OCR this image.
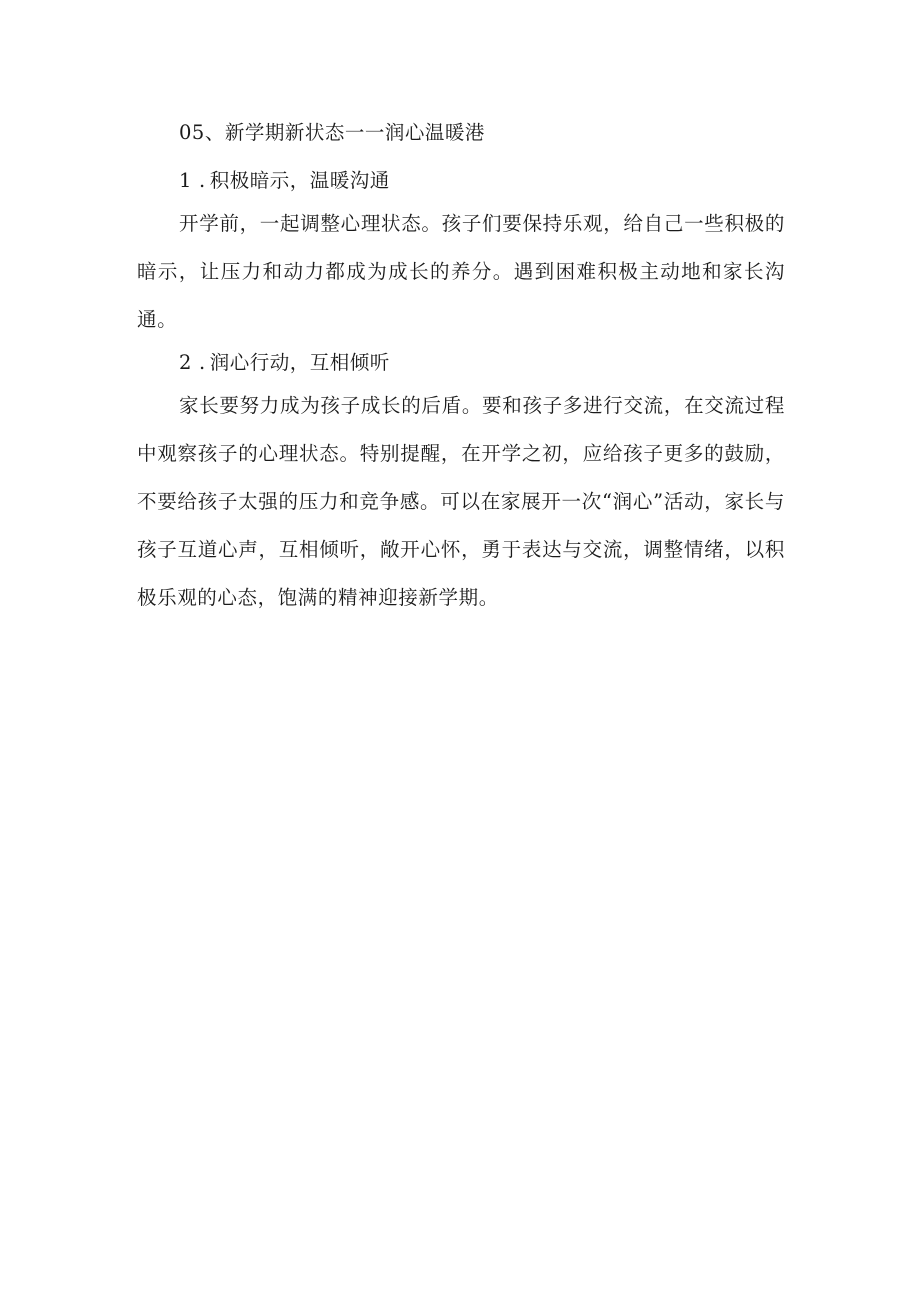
05、新学期新状态一一润心温暖港
1 . 积极暗示，温暖沟通

开学前，一起调整心理状态。孩子们要保持乐观，给自己一些积极的暗示，让压力和动力都成为成长的养分。遇到困难积极主动地和家长沟通。

2 . 润心行动，互相倾听

家长要努力成为孩子成长的后盾。要和孩子多进行交流，在交流过程中观察孩子的心理状态。特别提醒，在开学之初，应给孩子更多的鼓励，不要给孩子太强的压力和竞争感。可以在家展开一次“润心”活动，家长与孩子互道心声，互相倾听，敞开心怀，勇于表达与交流，调整情绪，以积极乐观的心态，饱满的精神迎接新学期。
